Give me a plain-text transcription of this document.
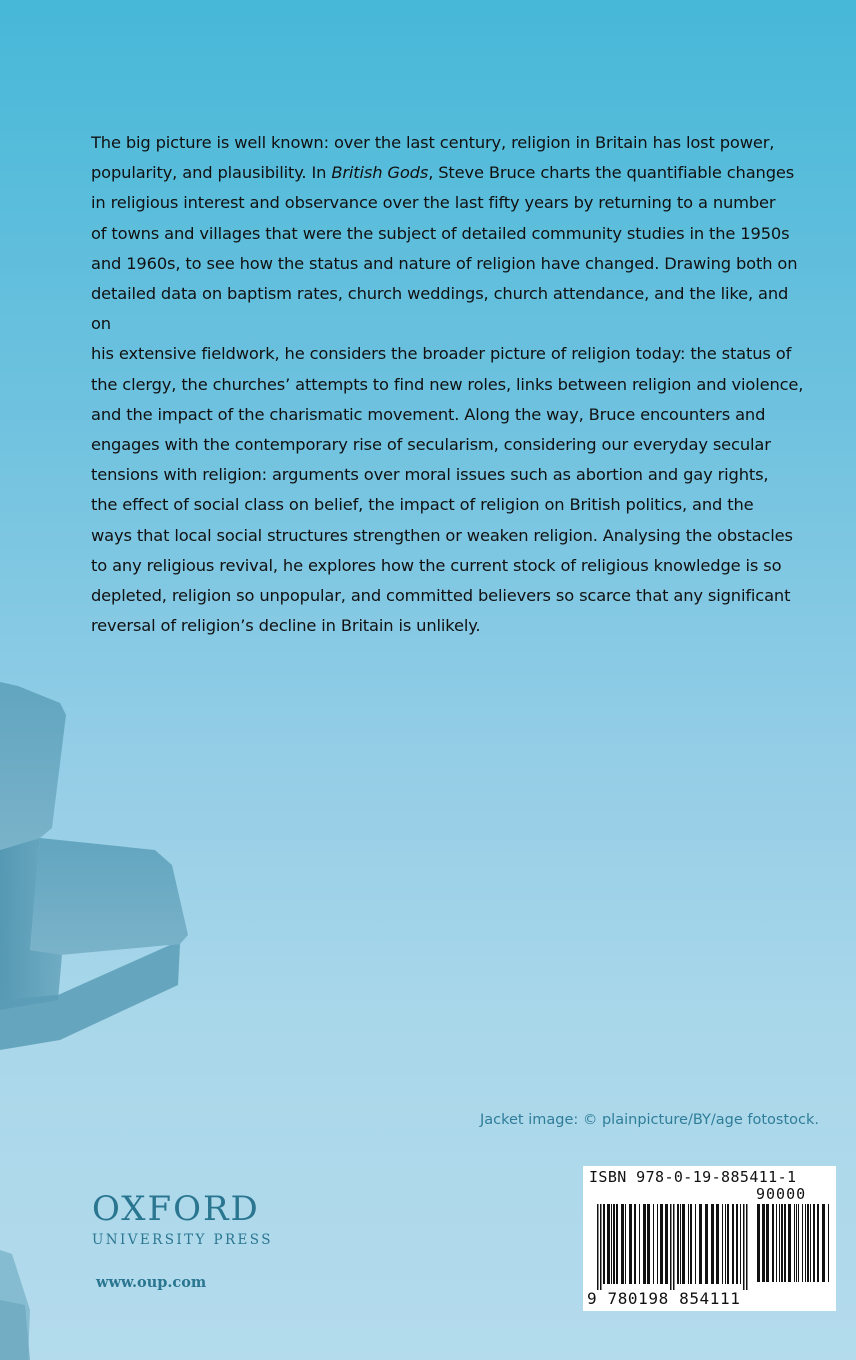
The big picture is well known: over the last century, religion in Britain has lost power,
popularity, and plausibility. In British Gods, Steve Bruce charts the quantifiable changes
in religious interest and observance over the last fifty years by returning to a number
of towns and villages that were the subject of detailed community studies in the 1950s
and 1960s, to see how the status and nature of religion have changed. Drawing both on
detailed data on baptism rates, church weddings, church attendance, and the like, and on
his extensive fieldwork, he considers the broader picture of religion today: the status of
the clergy, the churches’ attempts to find new roles, links between religion and violence,
and the impact of the charismatic movement. Along the way, Bruce encounters and
engages with the contemporary rise of secularism, considering our everyday secular
tensions with religion: arguments over moral issues such as abortion and gay rights,
the effect of social class on belief, the impact of religion on British politics, and the
ways that local social structures strengthen or weaken religion. Analysing the obstacles
to any religious revival, he explores how the current stock of religious knowledge is so
depleted, religion so unpopular, and committed believers so scarce that any significant
reversal of religion’s decline in Britain is unlikely.
Jacket image: © plainpicture/BY/age fotostock.
OXFORD
UNIVERSITY PRESS
www.oup.com

ISBN 978-0-19-885411-1

90000

9 780198 854111
